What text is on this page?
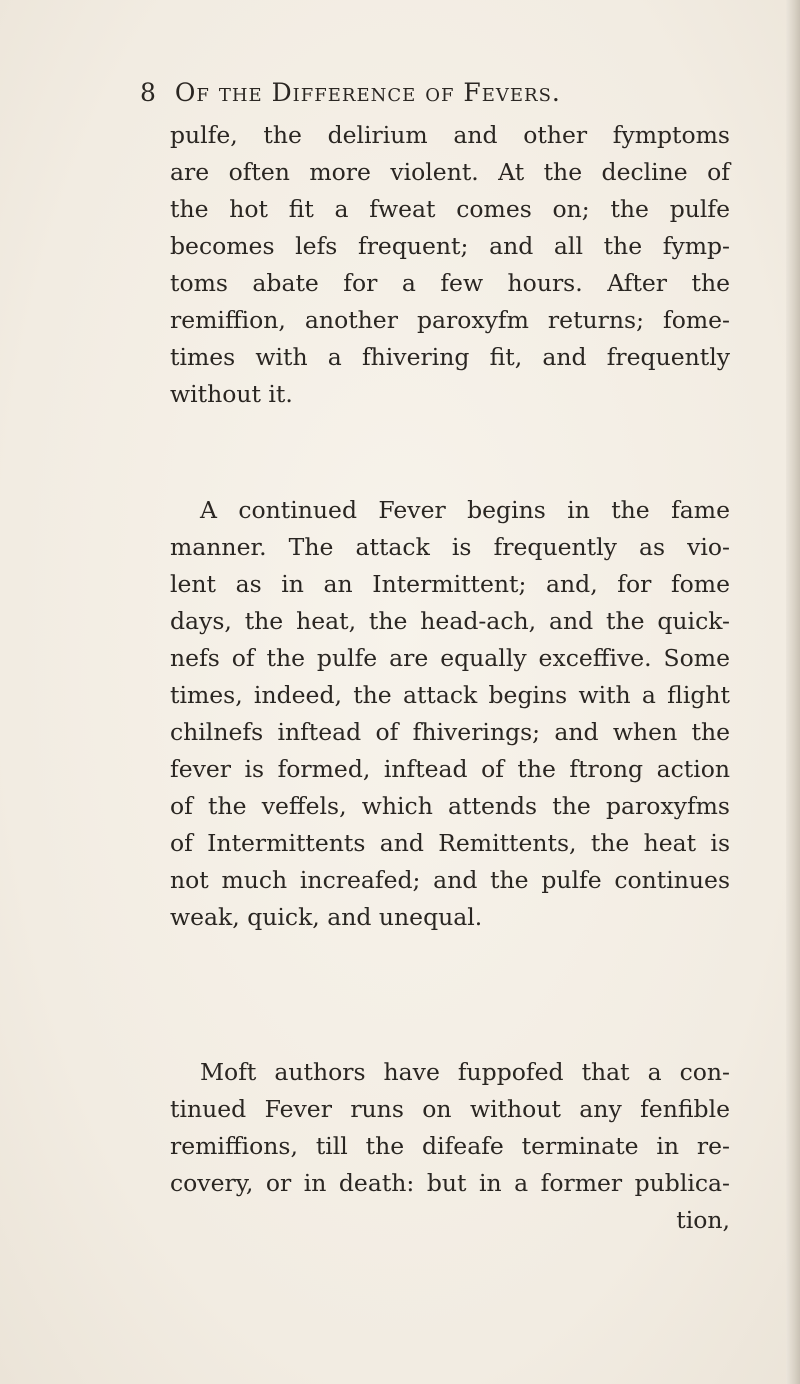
8 Of the Difference of Fevers.
pulfe, the delirium and other fymptoms
are often more violent. At the decline of
the hot fit a fweat comes on; the pulfe
becomes lefs frequent; and all the fymp-
toms abate for a few hours. After the
remiffion, another paroxyfm returns; fome-
times with a fhivering fit, and frequently
without it.
A continued Fever begins in the fame
manner. The attack is frequently as vio-
lent as in an Intermittent; and, for fome
days, the heat, the head-ach, and the quick-
nefs of the pulfe are equally exceffive. Some
times, indeed, the attack begins with a flight
chilnefs inftead of fhiverings; and when the
fever is formed, inftead of the ftrong action
of the veffels, which attends the paroxyfms
of Intermittents and Remittents, the heat is
not much increafed; and the pulfe continues
weak, quick, and unequal.
Moft authors have fuppofed that a con-
tinued Fever runs on without any fenfible
remiffions, till the difeafe terminate in re-
covery, or in death: but in a former publica-
tion,
